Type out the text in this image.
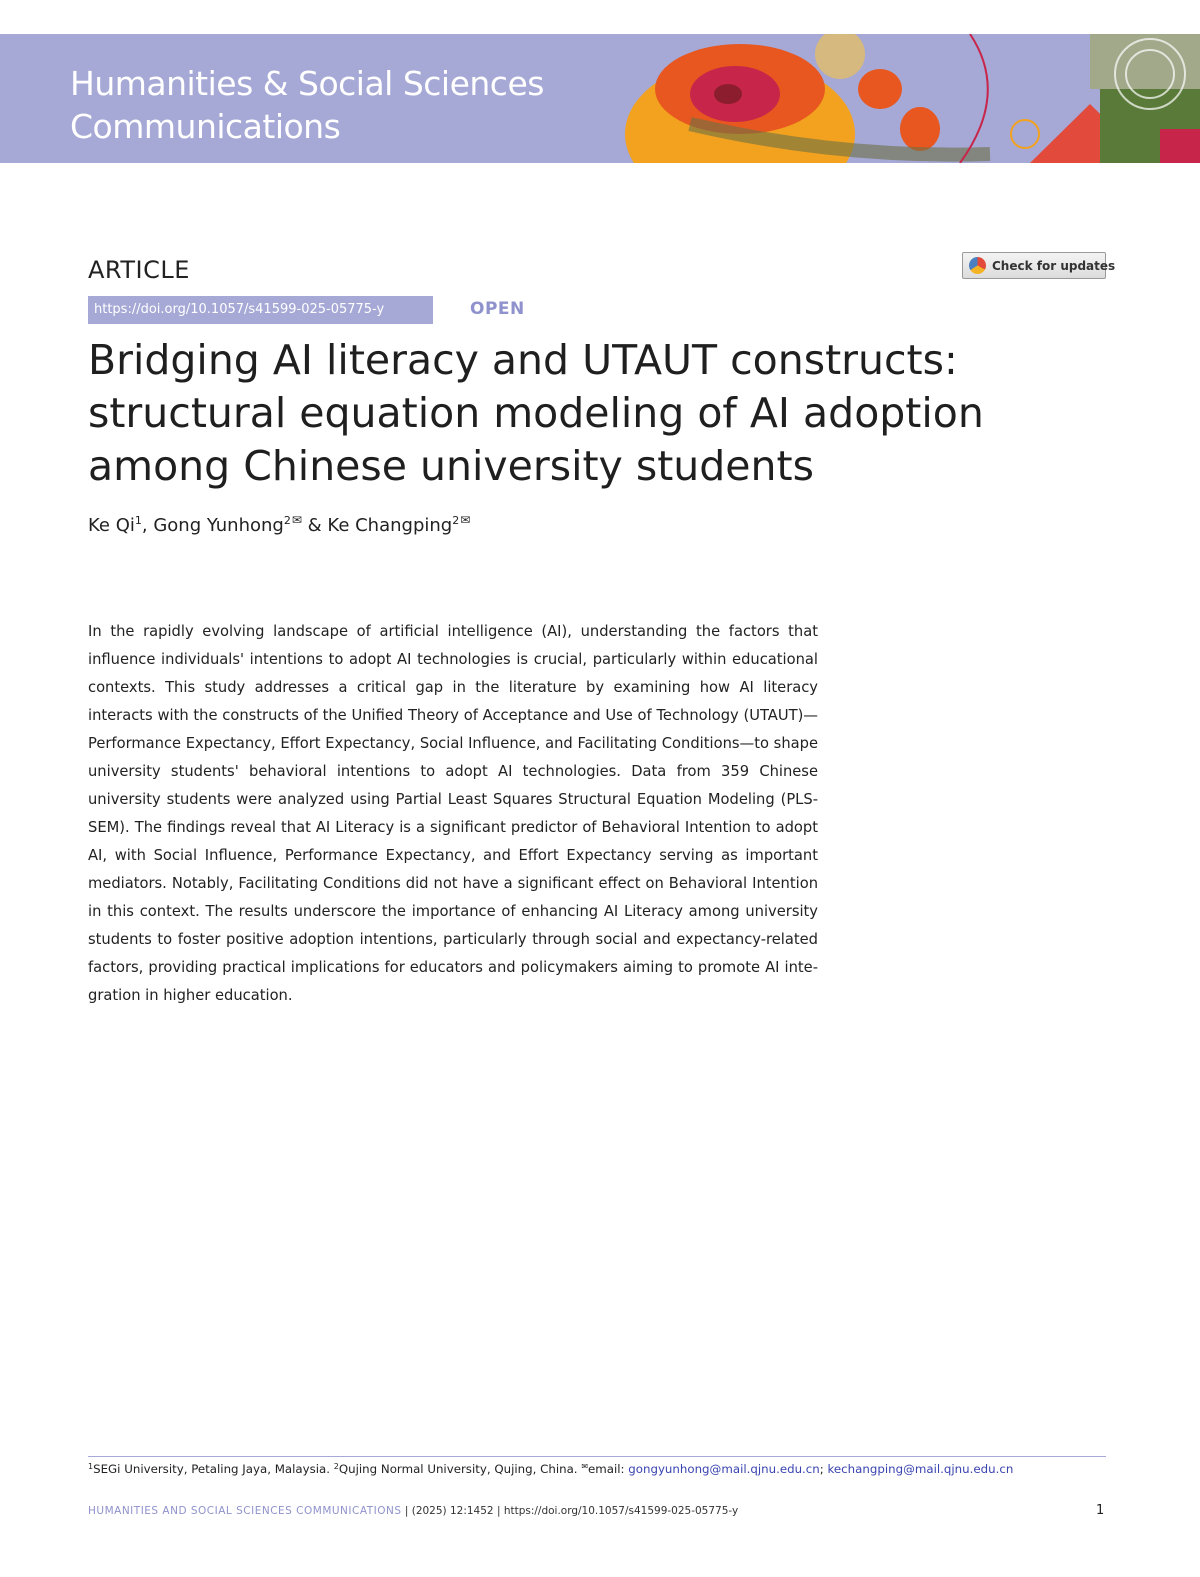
Humanities & Social Sciences
Communications
ARTICLE	Check for updates
https://doi.org/10.1057/s41599-025-05775-y	OPEN
Bridging AI literacy and UTAUT constructs:
structural equation modeling of AI adoption
among Chinese university students
Ke Qi$^1$, Gong Yunhong$^2$✉ & Ke Changping$^2$✉

In the rapidly evolving landscape of artificial intelligence (AI), understanding the factors that influence individuals' intentions to adopt AI technologies is crucial, particularly within educational contexts. This study addresses a critical gap in the literature by examining how AI literacy interacts with the constructs of the Unified Theory of Acceptance and Use of Technology (UTAUT)—Performance Expectancy, Effort Expectancy, Social Influence, and Facilitating Conditions—to shape university students' behavioral intentions to adopt AI technologies. Data from 359 Chinese university students were analyzed using Partial Least Squares Structural Equation Modeling (PLS-SEM). The findings reveal that AI Literacy is a significant predictor of Behavioral Intention to adopt AI, with Social Influence, Performance Expectancy, and Effort Expectancy serving as important mediators. Notably, Facilitating Conditions did not have a significant effect on Behavioral Intention in this context. The results underscore the importance of enhancing AI Literacy among university students to foster positive adoption intentions, particularly through social and expectancy-related factors, providing practical implications for educators and policymakers aiming to promote AI integration in higher education.

$^1$SEGi University, Petaling Jaya, Malaysia. $^2$Qujing Normal University, Qujing, China. ✉email: gongyunhong@mail.qjnu.edu.cn; kechangping@mail.qjnu.edu.cn
HUMANITIES AND SOCIAL SCIENCES COMMUNICATIONS | (2025) 12:1452 | https://doi.org/10.1057/s41599-025-05775-y	1
